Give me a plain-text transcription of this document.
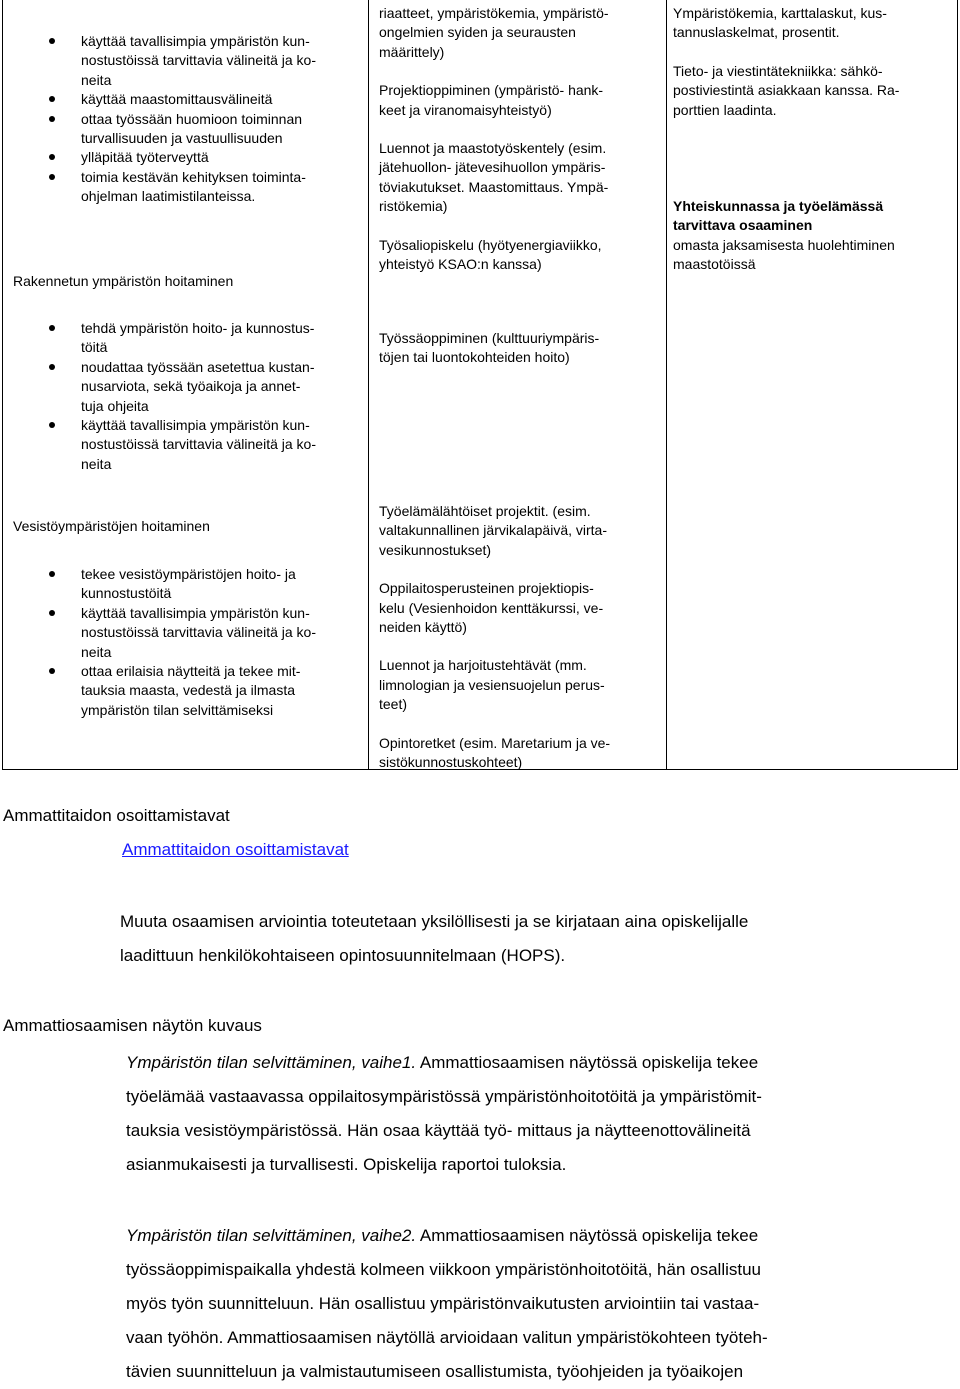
käyttää tavallisimpia ympäristön kun-
nostustöissä tarvittavia välineitä ja ko-
neita
käyttää maastomittausvälineitä
ottaa työssään huomioon toiminnan
turvallisuuden ja vastuullisuuden
ylläpitää työterveyttä
toimia kestävän kehityksen toiminta-
ohjelman laatimistilanteissa.
Rakennetun ympäristön hoitaminen
tehdä ympäristön hoito- ja kunnostus-
töitä
noudattaa työssään asetettua kustan-
nusarviota, sekä työaikoja ja annet-
tuja ohjeita
käyttää tavallisimpia ympäristön kun-
nostustöissä tarvittavia välineitä ja ko-
neita
Vesistöympäristöjen hoitaminen
tekee vesistöympäristöjen hoito- ja
kunnostustöitä
käyttää tavallisimpia ympäristön kun-
nostustöissä tarvittavia välineitä ja ko-
neita
ottaa erilaisia näytteitä ja tekee mit-
tauksia maasta, vedestä ja ilmasta
ympäristön tilan selvittämiseksi

riaatteet, ympäristökemia, ympäristö-
ongelmien syiden ja seurausten
määrittely)

Projektioppiminen (ympäristö- hank-
keet ja viranomaisyhteistyö)

Luennot ja maastotyöskentely (esim.
jätehuollon- jätevesihuollon ympäris-
töviakutukset. Maastomittaus. Ympä-
ristökemia)

Työsaliopiskelu (hyötyenergiaviikko,
yhteistyö KSAO:n kanssa)

Työssäoppiminen (kulttuuriympäris-
töjen tai luontokohteiden hoito)

Työelämälähtöiset projektit. (esim.
valtakunnallinen järvikalapäivä, virta-
vesikunnostukset)

Oppilaitosperusteinen projektiopis-
kelu (Vesienhoidon kenttäkurssi, ve-
neiden käyttö)

Luennot ja harjoitustehtävät (mm.
limnologian ja vesiensuojelun perus-
teet)

Opintoretket (esim. Maretarium ja ve-
sistökunnostuskohteet)

Ympäristökemia, karttalaskut, kus-
tannuslaskelmat, prosentit.

Tieto- ja viestintätekniikka: sähkö-
postiviestintä asiakkaan kanssa. Ra-
porttien laadinta.

Yhteiskunnassa ja työelämässä
tarvittava osaaminen

omasta jaksamisesta huolehtiminen
maastotöissä

Ammattitaidon osoittamistavat
Ammattitaidon osoittamistavat

Muuta osaamisen arviointia toteutetaan yksilöllisesti ja se kirjataan aina opiskelijalle

laadittuun henkilökohtaiseen opintosuunnitelmaan (HOPS).

Ammattiosaamisen näytön kuvaus

Ympäristön tilan selvittäminen, vaihe1. Ammattiosaamisen näytössä opiskelija tekee

työelämää vastaavassa oppilaitosympäristössä ympäristönhoitotöitä ja ympäristömit-

tauksia vesistöympäristössä. Hän osaa käyttää työ- mittaus ja näytteenottovälineitä

asianmukaisesti ja turvallisesti. Opiskelija raportoi tuloksia.

Ympäristön tilan selvittäminen, vaihe2. Ammattiosaamisen näytössä opiskelija tekee

työssäoppimispaikalla yhdestä kolmeen viikkoon ympäristönhoitotöitä, hän osallistuu

myös työn suunnitteluun. Hän osallistuu ympäristönvaikutusten arviointiin tai vastaa-

vaan työhön. Ammattiosaamisen näytöllä arvioidaan valitun ympäristökohteen työteh-

tävien suunnitteluun ja valmistautumiseen osallistumista, työohjeiden ja työaikojen
